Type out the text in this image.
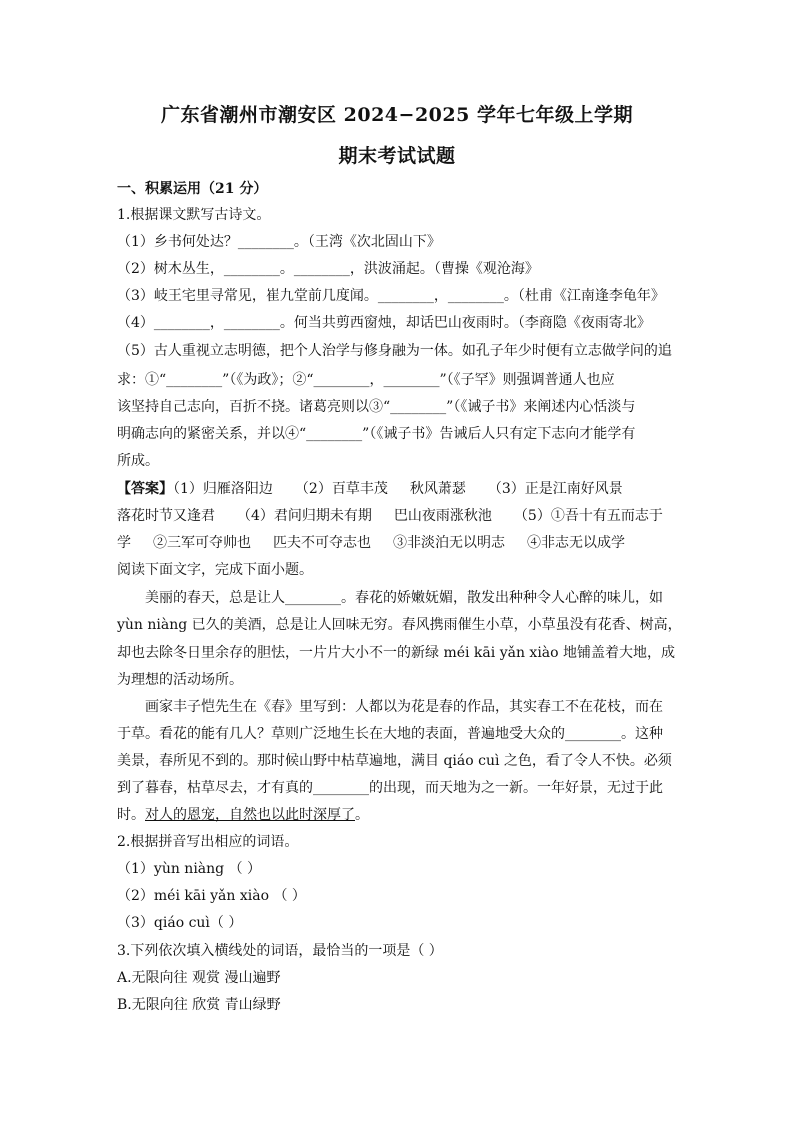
广东省潮州市潮安区 2024−2025 学年七年级上学期
期末考试试题
一、积累运用（21 分）
1.根据课文默写古诗文。
（1）乡书何处达？________。（王湾《次北固山下》
（2）树木丛生，________。________，洪波涌起。（曹操《观沧海》
（3）岐王宅里寻常见，崔九堂前几度闻。________，________。（杜甫《江南逢李龟年》
（4）________，________。何当共剪西窗烛，却话巴山夜雨时。（李商隐《夜雨寄北》
（5）古人重视立志明德，把个人治学与修身融为一体。如孔子年少时便有立志做学问的追
求：①“________”（《为政》；②“________，________”（《子罕》则强调普通人也应
该坚持自己志向，百折不挠。诸葛亮则以③“________”（《诫子书》来阐述内心恬淡与
明确志向的紧密关系，并以④“________”（《诫子书》告诫后人只有定下志向才能学有
所成。
【答案】（1）归雁洛阳边 （2）百草丰茂 秋风萧瑟 （3）正是江南好风景
落花时节又逢君 （4）君问归期未有期 巴山夜雨涨秋池 （5）①吾十有五而志于
学 ②三军可夺帅也 匹夫不可夺志也 ③非淡泊无以明志 ④非志无以成学
阅读下面文字，完成下面小题。
美丽的春天，总是让人________。春花的娇嫩妩媚，散发出种种令人心醉的味儿，如
yùn niàng 已久的美酒，总是让人回味无穷。春风携雨催生小草，小草虽没有花香、树高，
却也去除冬日里余存的胆怯，一片片大小不一的新绿 méi kāi yǎn xiào 地铺盖着大地，成
为理想的活动场所。
画家丰子恺先生在《春》里写到：人都以为花是春的作品，其实春工不在花枝，而在
于草。看花的能有几人？草则广泛地生长在大地的表面，普遍地受大众的________。这种
美景，春所见不到的。那时候山野中枯草遍地，满目 qiáo cuì 之色，看了令人不快。必须
到了暮春，枯草尽去，才有真的________的出现，而天地为之一新。一年好景，无过于此
时。对人的恩宠，自然也以此时深厚了。
2.根据拼音写出相应的词语。
（1）yùn niàng （ ）
（2）méi kāi yǎn xiào （ ）
（3）qiáo cuì（ ）
3.下列依次填入横线处的词语，最恰当的一项是（ ）
A.无限向往 观赏 漫山遍野
B.无限向往 欣赏 青山绿野
